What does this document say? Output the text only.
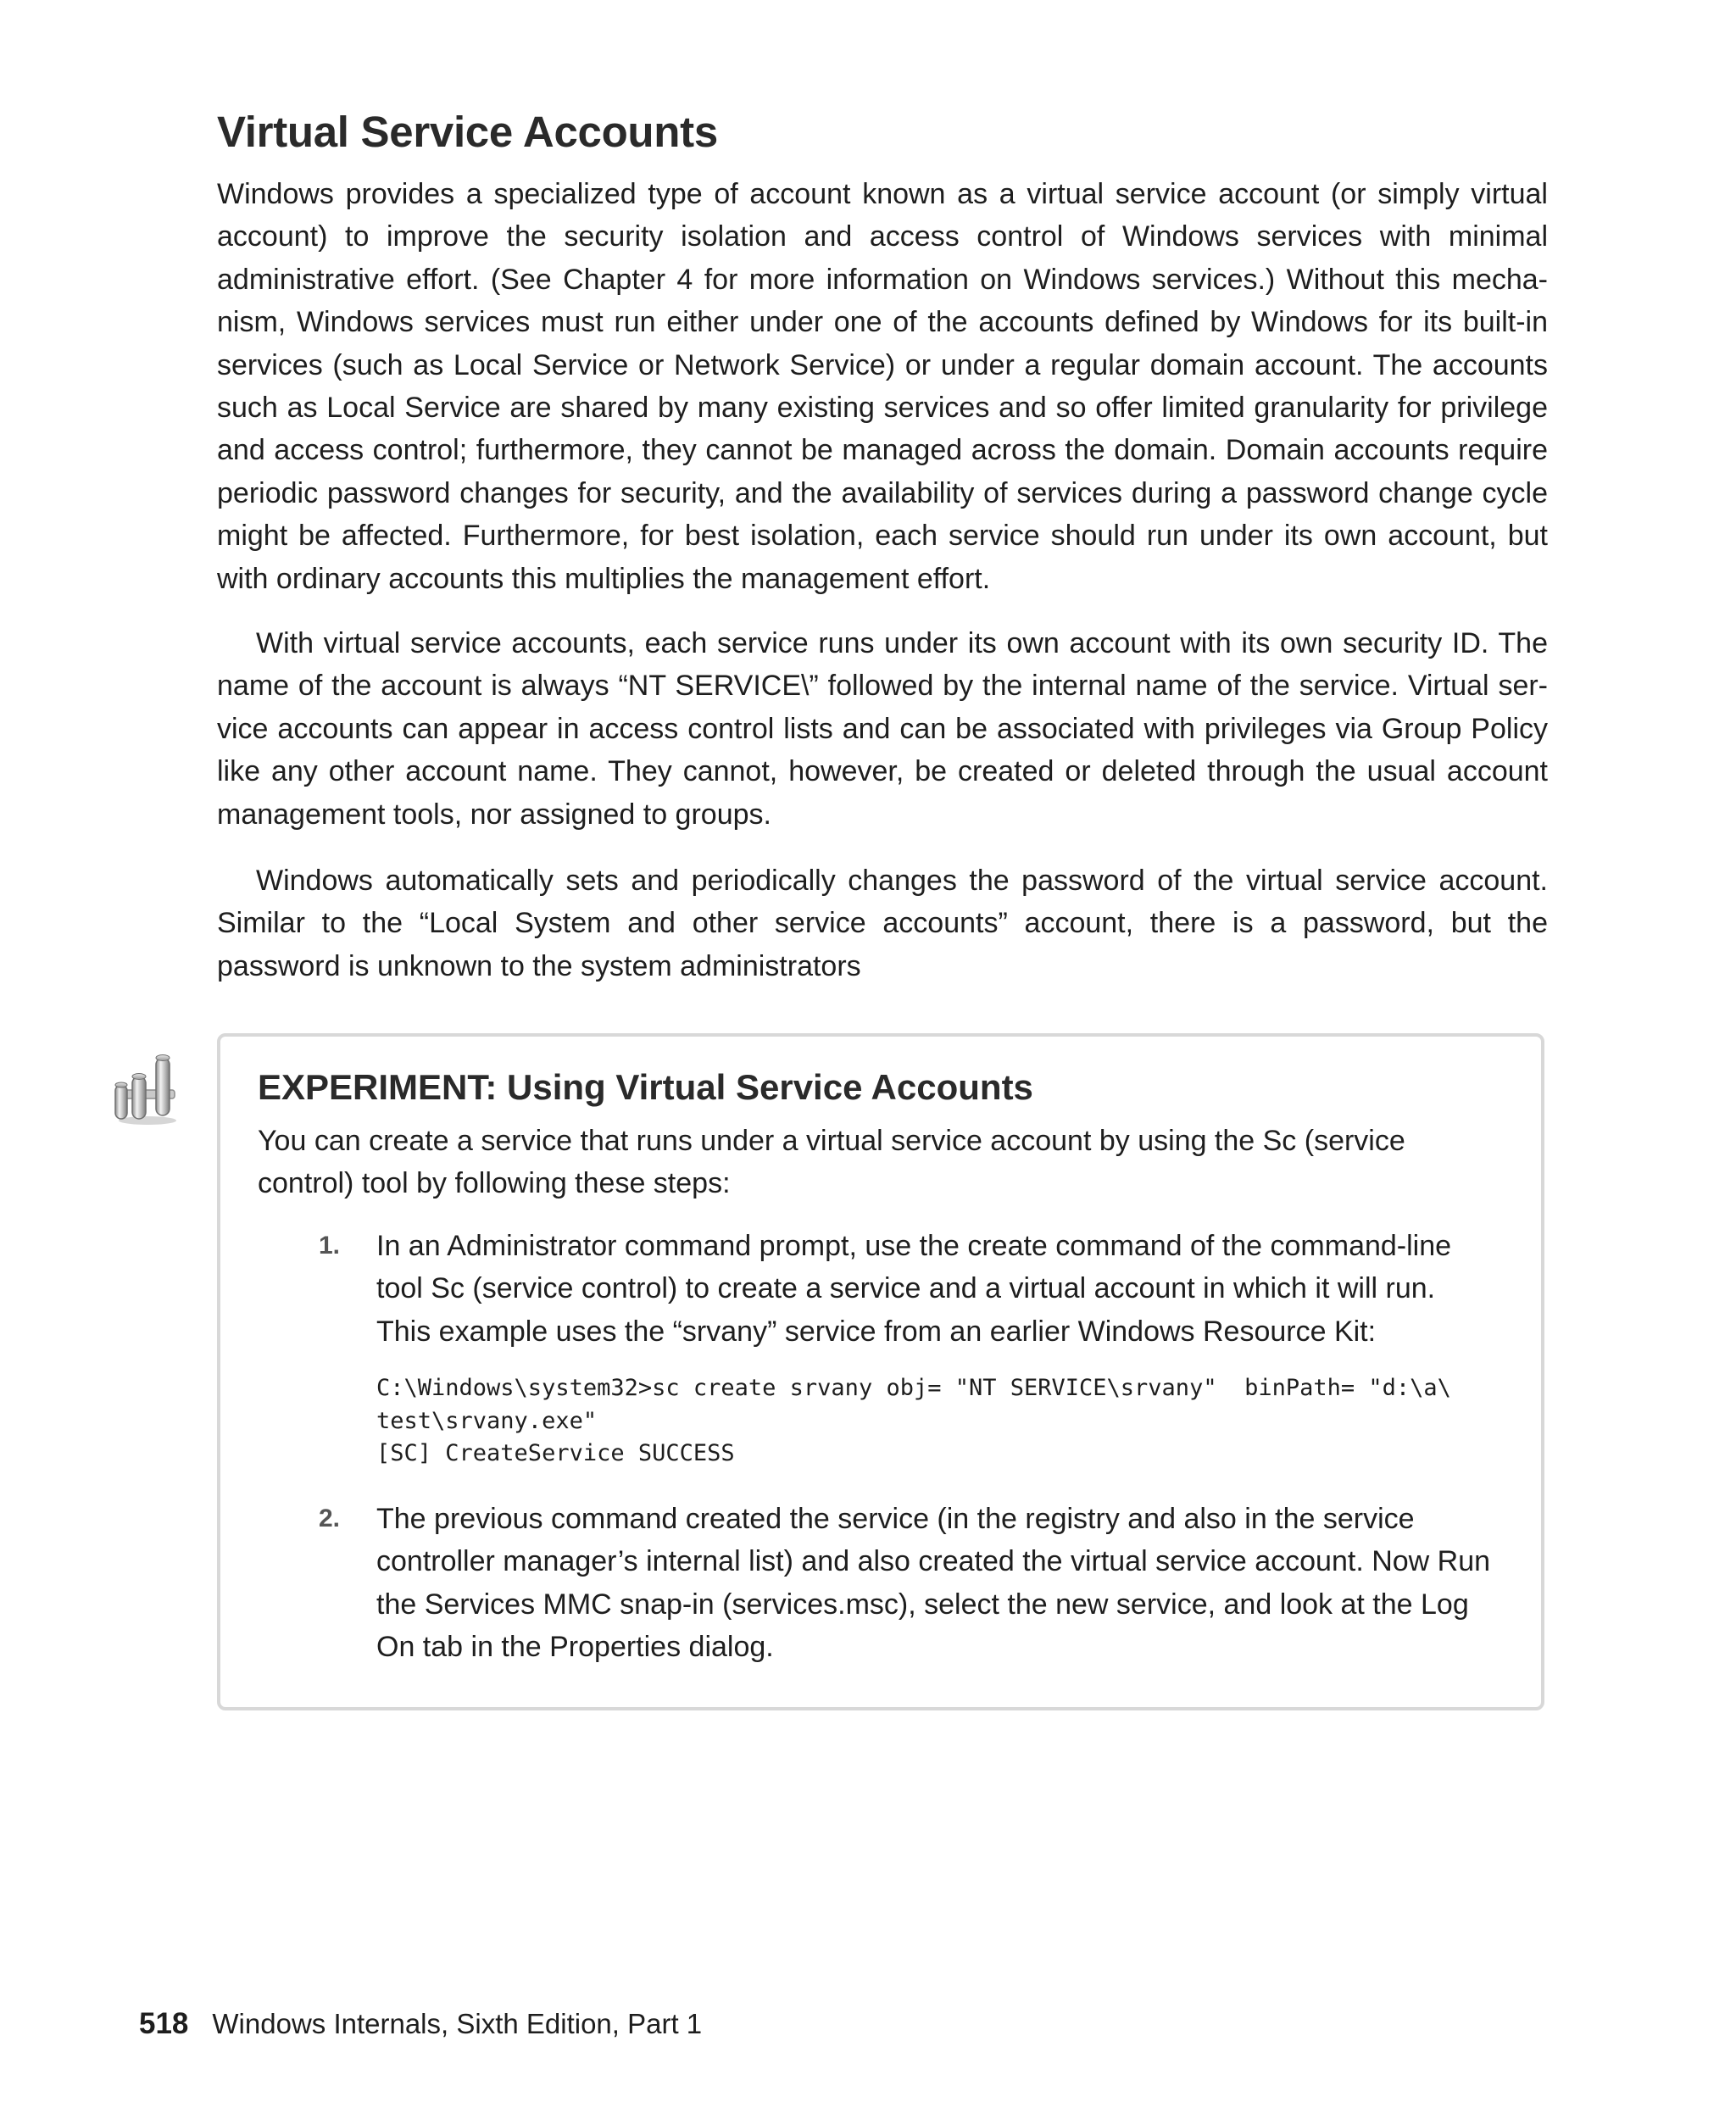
Virtual Service Accounts

Windows provides a specialized type of account known as a virtual service account (or simply virtual account) to improve the security isolation and access control of Windows services with minimal administrative effort. (See Chapter 4 for more information on Windows services.) Without this mechanism, Windows services must run either under one of the accounts defined by Windows for its built-in services (such as Local Service or Network Service) or under a regular domain account. The accounts such as Local Service are shared by many existing services and so offer limited granularity for privilege and access control; furthermore, they cannot be managed across the domain. Domain accounts require periodic password changes for security, and the availability of services during a password change cycle might be affected. Furthermore, for best isolation, each service should run under its own account, but with ordinary accounts this multiplies the management effort.

With virtual service accounts, each service runs under its own account with its own security ID. The name of the account is always “NT SERVICE\” followed by the internal name of the service. Virtual service accounts can appear in access control lists and can be associated with privileges via Group Policy like any other account name. They cannot, however, be created or deleted through the usual account management tools, nor assigned to groups.

Windows automatically sets and periodically changes the password of the virtual service account. Similar to the “Local System and other service accounts” account, there is a password, but the password is unknown to the system administrators

EXPERIMENT: Using Virtual Service Accounts

You can create a service that runs under a virtual service account by using the Sc (service control) tool by following these steps:

1. In an Administrator command prompt, use the create command of the command-line tool Sc (service control) to create a service and a virtual account in which it will run. This example uses the “srvany” service from an earlier Windows Resource Kit:

C:\Windows\system32>sc create srvany obj= "NT SERVICE\srvany"  binPath= "d:\a\
test\srvany.exe"
[SC] CreateService SUCCESS
2. The previous command created the service (in the registry and also in the service controller manager’s internal list) and also created the virtual service account. Now Run the Services MMC snap-in (services.msc), select the new service, and look at the Log On tab in the Properties dialog.

518 Windows Internals, Sixth Edition, Part 1
